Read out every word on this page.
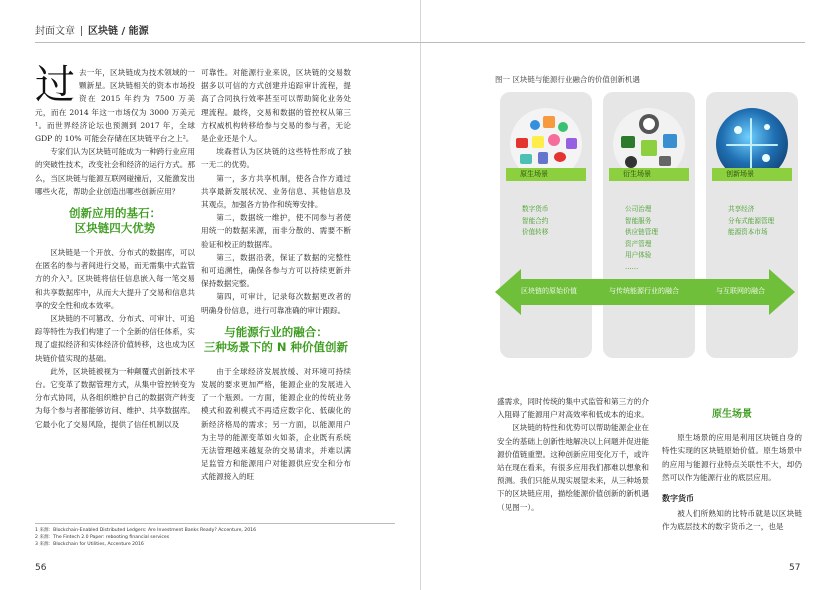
封面文章 区块链 / 能源

过去一年，区块链成为技术领域的一颗新星。区块链相关的资本市场投资在 2015 年约为 7500 万美元，而在 2014 年这一市场仅为 3000 万美元¹。而世界经济论坛也预测到 2017 年，全球 GDP 的 10% 可能会存储在区块链平台之上²。

专家们认为区块链可能成为一种跨行业应用的突破性技术，改变社会和经济的运行方式。那么，当区块链与能源互联网碰撞后，又能激发出哪些火花，帮助企业创造出哪些创新应用？

创新应用的基石：
区块链四大优势

区块链是一个开放、分布式的数据库，可以在匿名的参与者间进行交易，而无需集中式监管方的介入³。区块链将信任信息嵌入每一笔交易和共享数据库中，从而大大提升了交易和信息共享的安全性和成本效率。

区块链的不可篡改、分布式、可审计、可追踪等特性为我们构建了一个全新的信任体系，实现了虚拟经济和实体经济价值转移，这也成为区块链价值实现的基础。

此外，区块链被视为一种颠覆式创新技术平台。它变革了数据管理方式，从集中管控转变为分布式协同，从各组织维护自己的数据资产转变为每个参与者都能够访问、维护、共享数据库。它最小化了交易风险，提供了信任机制以及

可靠性。对能源行业来说，区块链的交易数据多以可信的方式创建并追踪审计流程，提高了合同执行效率甚至可以帮助简化业务处理流程。最终，交易和数据的管控权从第三方权威机构转移给参与交易的参与者，无论是企业还是个人。

埃森哲认为区块链的这些特性形成了独一无二的优势。

第一，多方共享机制，使各合作方通过共享最新发展状况、业务信息、其他信息及其观点，加强各方协作和统筹安排。

第二，数据统一维护，使不同参与者使用统一的数据来源，而非分散的、需要不断验证和校正的数据库。

第三，数据沿袭，保证了数据的完整性和可追溯性，确保各参与方可以持续更新并保持数据完整。

第四，可审计，记录每次数据更改者的明确身份信息，进行可靠准确的审计跟踪。

与能源行业的融合：
三种场景下的 N 种价值创新

由于全球经济发展放缓、对环境可持续发展的要求更加严格，能源企业的发展进入了一个瓶颈。一方面，能源企业的传统业务模式和盈利模式不再适应数字化、低碳化的新经济格局的需求；另一方面，以能源用户为主导的能源变革如火如荼，企业既有系统无法管理越来越复杂的交易请求，并难以满足监管方和能源用户对能源供应安全和分布式能源接入的旺

1 来源：Blockchain-Enabled Distributed Ledgers: Are Investment Banks Ready? Accenture, 2016
2 来源：The Fintech 2.0 Paper: rebooting financial services
3 来源：Blockchain for Utilities, Accenture 2016
56	57
图一 区块链与能源行业融合的价值创新机遇
原生场景
数字货币
智能合约
价值转移
衍生场景
公司治理
智能服务
供应链管理
资产管理
用户体验
……
创新场景
共享经济
分布式能源管理
能源资本市场
区块链的原始价值	与传统能源行业的融合	与互联网的融合

盛需求，同时传统的集中式监管和第三方的介入阻碍了能源用户对高效率和低成本的追求。

区块链的特性和优势可以帮助能源企业在安全的基础上创新性地解决以上问题并促进能源价值链重塑。这种创新应用变化万千，或许站在现在看来，有很多应用我们都难以想象和预测。我们只能从现实展望未来，从三种场景下的区块链应用，描绘能源价值创新的新机遇（见图一）。

原生场景

原生场景的应用是利用区块链自身的特性实现的区块链原始价值。原生场景中的应用与能源行业特点关联性不大，却仍然可以作为能源行业的底层应用。

数字货币

被人们所熟知的比特币就是以区块链作为底层技术的数字货币之一，也是
